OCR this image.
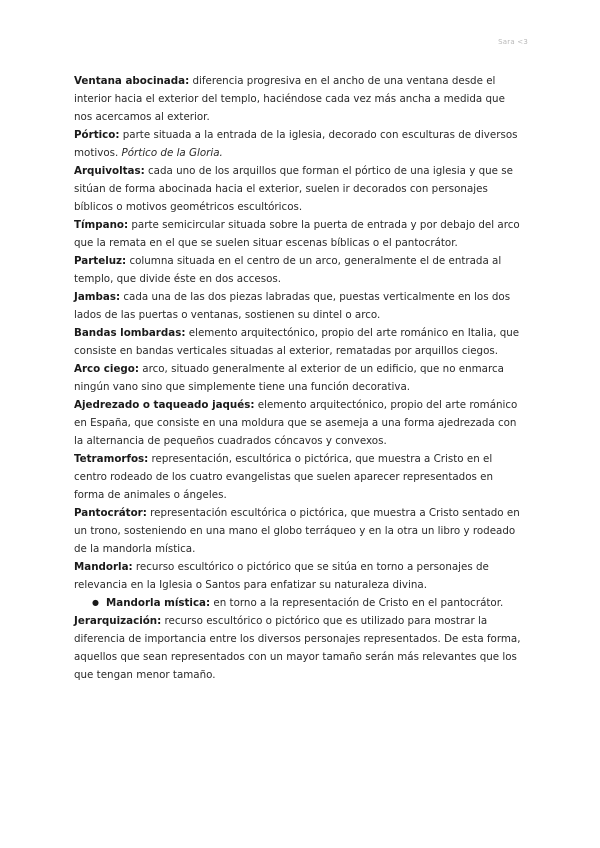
Sara <3

Ventana abocinada: diferencia progresiva en el ancho de una ventana desde el interior hacia el exterior del templo, haciéndose cada vez más ancha a medida que nos acercamos al exterior.

Pórtico: parte situada a la entrada de la iglesia, decorado con esculturas de diversos motivos. Pórtico de la Gloria.

Arquivoltas: cada uno de los arquillos que forman el pórtico de una iglesia y que se sitúan de forma abocinada hacia el exterior, suelen ir decorados con personajes bíblicos o motivos geométricos escultóricos.

Tímpano: parte semicircular situada sobre la puerta de entrada y por debajo del arco que la remata en el que se suelen situar escenas bíblicas o el pantocrátor.

Parteluz: columna situada en el centro de un arco, generalmente el de entrada al templo, que divide éste en dos accesos.

Jambas: cada una de las dos piezas labradas que, puestas verticalmente en los dos lados de las puertas o ventanas, sostienen su dintel o arco.

Bandas lombardas: elemento arquitectónico, propio del arte románico en Italia, que consiste en bandas verticales situadas al exterior, rematadas por arquillos ciegos.

Arco ciego: arco, situado generalmente al exterior de un edificio, que no enmarca ningún vano sino que simplemente tiene una función decorativa.

Ajedrezado o taqueado jaqués: elemento arquitectónico, propio del arte románico en España, que consiste en una moldura que se asemeja a una forma ajedrezada con la alternancia de pequeños cuadrados cóncavos y convexos.

Tetramorfos: representación, escultórica o pictórica, que muestra a Cristo en el centro rodeado de los cuatro evangelistas que suelen aparecer representados en forma de animales o ángeles.

Pantocrátor: representación escultórica o pictórica, que muestra a Cristo sentado en un trono, sosteniendo en una mano el globo terráqueo y en la otra un libro y rodeado de la mandorla mística.

Mandorla: recurso escultórico o pictórico que se sitúa en torno a personajes de relevancia en la Iglesia o Santos para enfatizar su naturaleza divina.

● Mandorla mística: en torno a la representación de Cristo en el pantocrátor.

Jerarquización: recurso escultórico o pictórico que es utilizado para mostrar la diferencia de importancia entre los diversos personajes representados. De esta forma, aquellos que sean representados con un mayor tamaño serán más relevantes que los que tengan menor tamaño.
